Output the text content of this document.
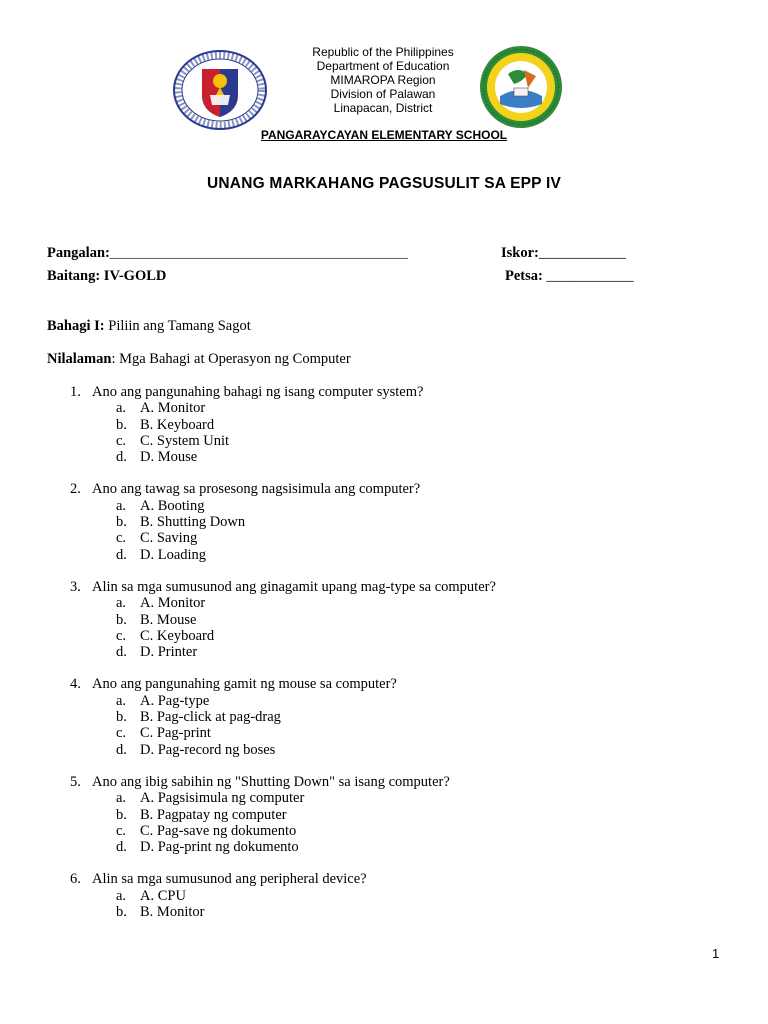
Republic of the Philippines
Department of Education
MIMAROPA Region
Division of Palawan
Linapacan, District
PANGARAYCAYAN ELEMENTARY SCHOOL
UNANG MARKAHANG PAGSUSULIT SA EPP IV
Pangalan:_______________________________________________	Iskor:____________
Baitang: IV-GOLD	Petsa: ____________
Bahagi I: Piliin ang Tamang Sagot
Nilalaman: Mga Bahagi at Operasyon ng Computer
1. Ano ang pangunahing bahagi ng isang computer system?
a. A. Monitor
b. B. Keyboard
c. C. System Unit
d. D. Mouse
2. Ano ang tawag sa prosesong nagsisimula ang computer?
a. A. Booting
b. B. Shutting Down
c. C. Saving
d. D. Loading
3. Alin sa mga sumusunod ang ginagamit upang mag-type sa computer?
a. A. Monitor
b. B. Mouse
c. C. Keyboard
d. D. Printer
4. Ano ang pangunahing gamit ng mouse sa computer?
a. A. Pag-type
b. B. Pag-click at pag-drag
c. C. Pag-print
d. D. Pag-record ng boses
5. Ano ang ibig sabihin ng "Shutting Down" sa isang computer?
a. A. Pagsisimula ng computer
b. B. Pagpatay ng computer
c. C. Pag-save ng dokumento
d. D. Pag-print ng dokumento
6. Alin sa mga sumusunod ang peripheral device?
a. A. CPU
b. B. Monitor
1
